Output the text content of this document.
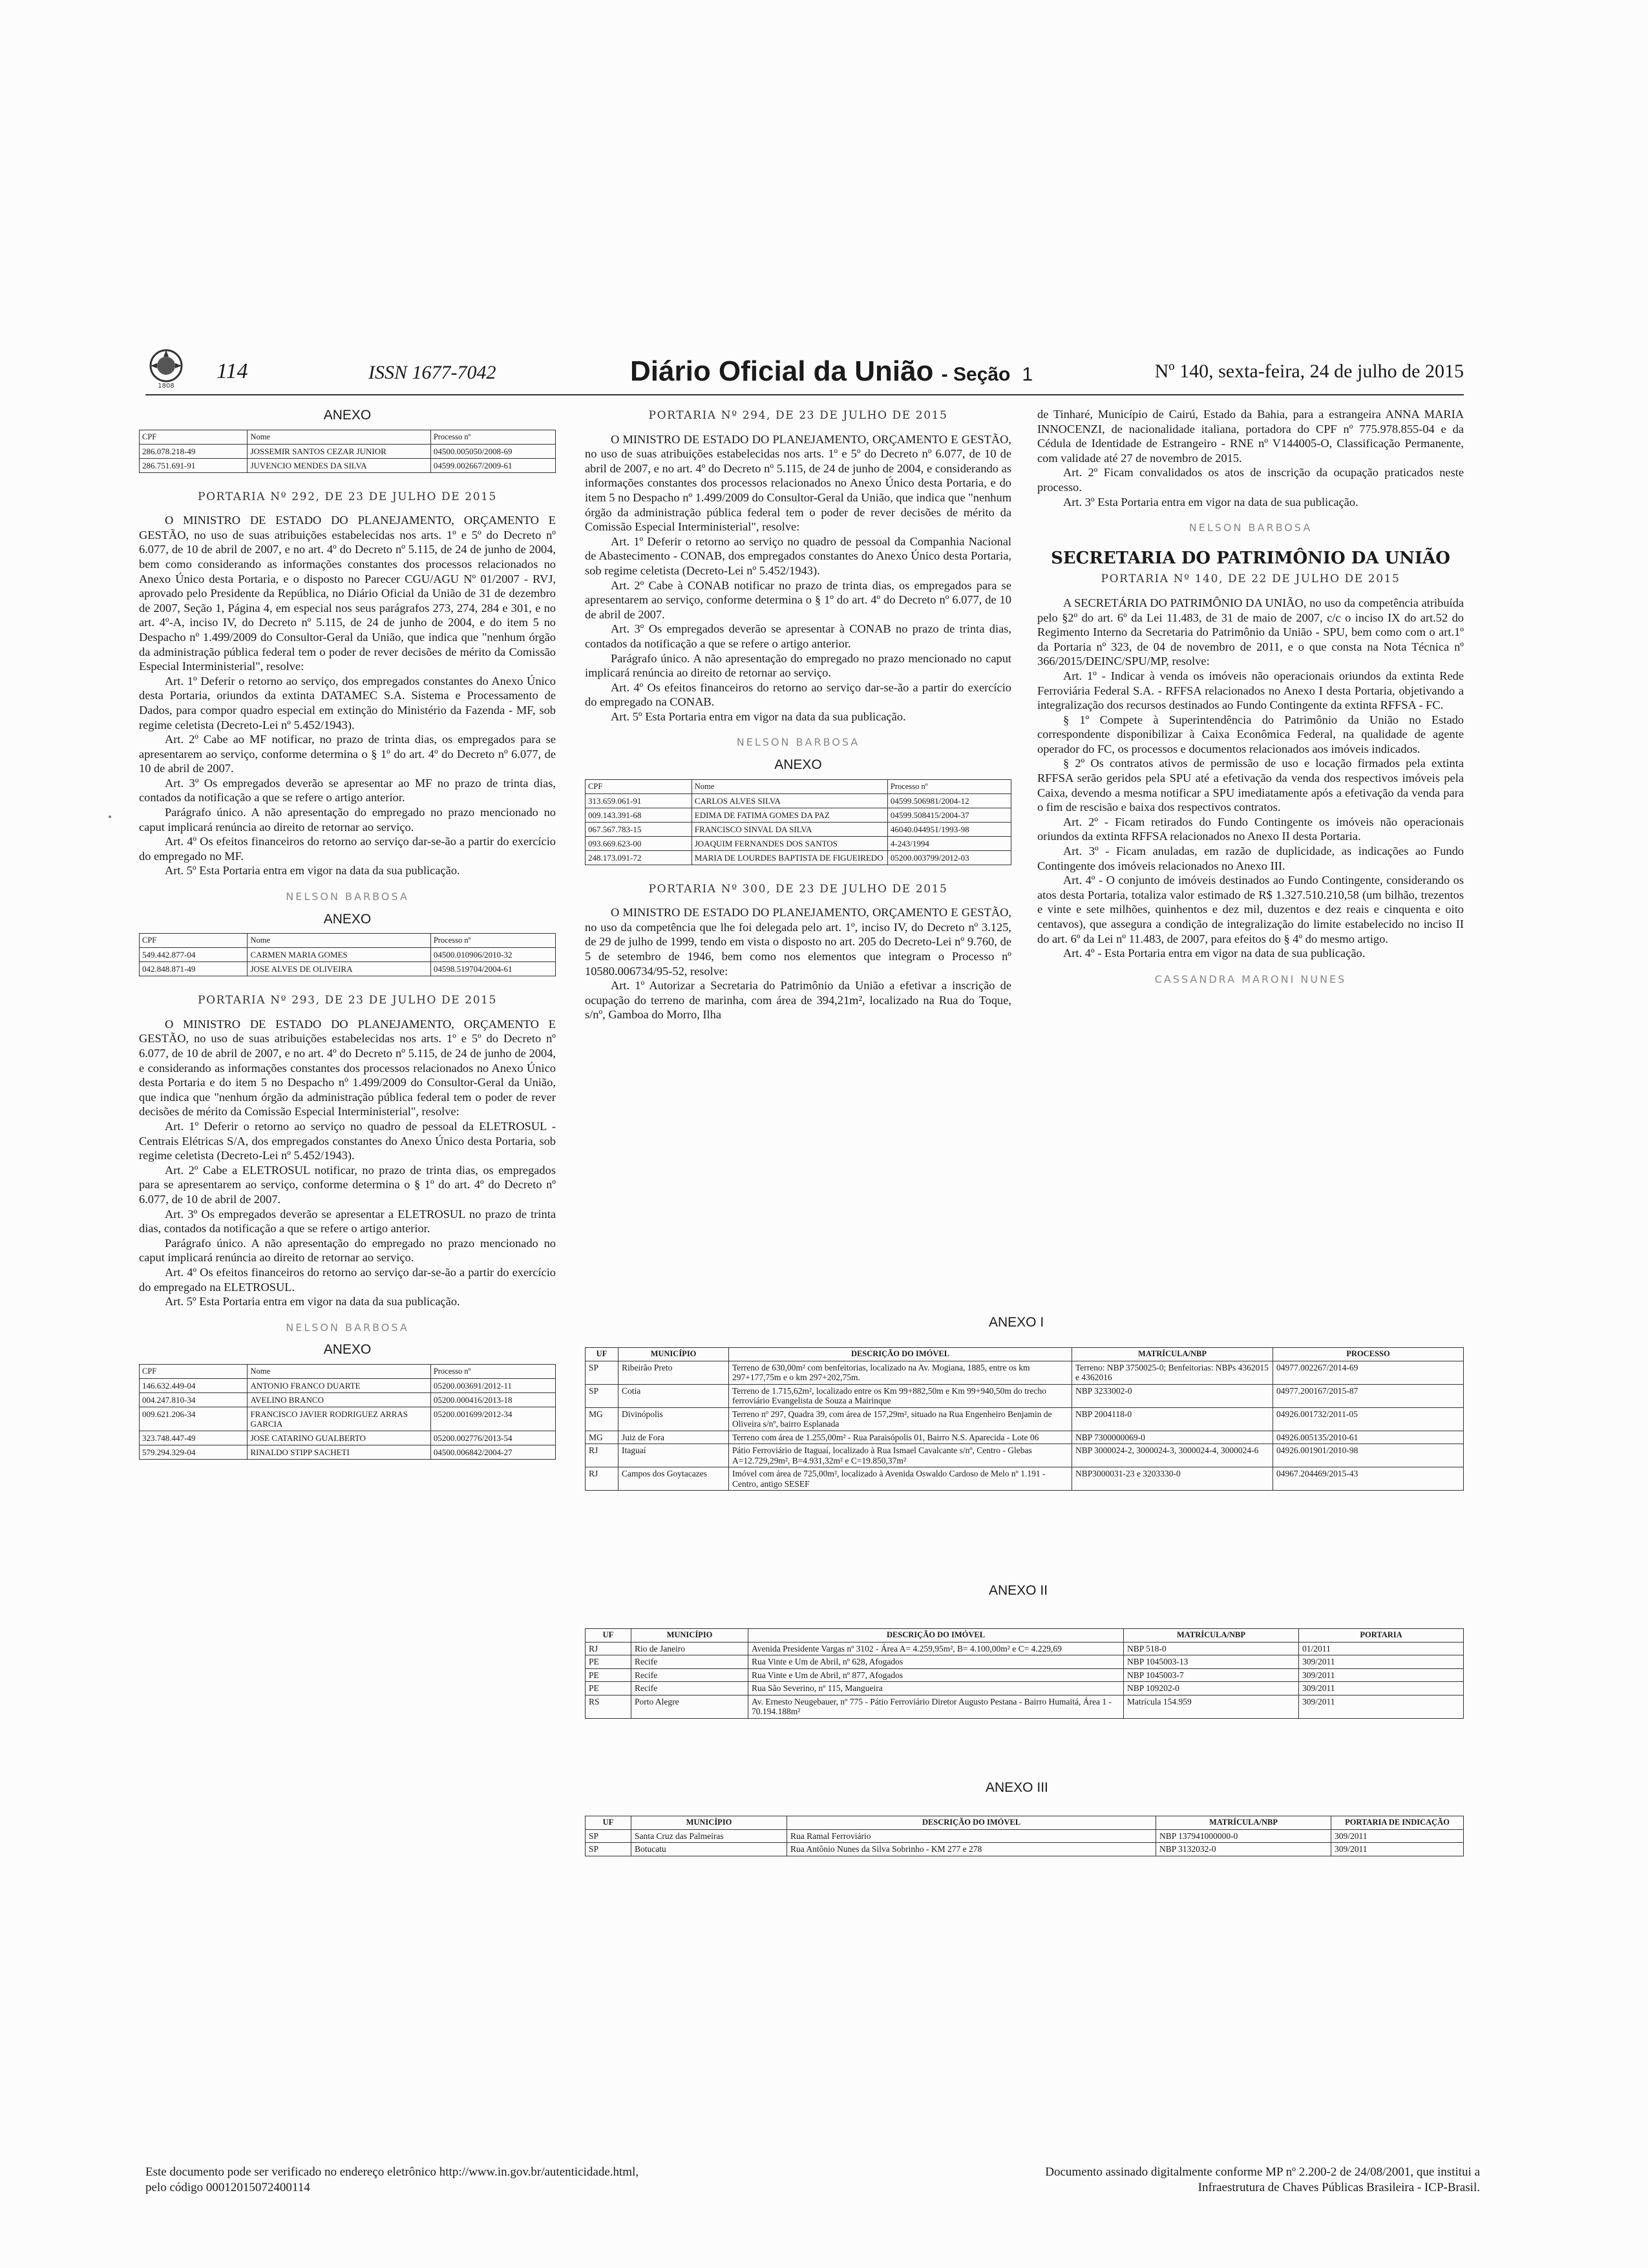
1808
114	ISSN 1677-7042	Diário Oficial da União - Seção 1	Nº 140, sexta-feira, 24 de julho de 2015
ANEXO
CPF	Nome	Processo nº
286.078.218-49	JOSSEMIR SANTOS CEZAR JUNIOR	04500.005050/2008-69
286.751.691-91	JUVENCIO MENDES DA SILVA	04599.002667/2009-61
PORTARIA Nº 292, DE 23 DE JULHO DE 2015

O MINISTRO DE ESTADO DO PLANEJAMENTO, ORÇAMENTO E GESTÃO, no uso de suas atribuições estabelecidas nos arts. 1º e 5º do Decreto nº 6.077, de 10 de abril de 2007, e no art. 4º do Decreto nº 5.115, de 24 de junho de 2004, bem como considerando as informações constantes dos processos relacionados no Anexo Único desta Portaria, e o disposto no Parecer CGU/AGU Nº 01/2007 - RVJ, aprovado pelo Presidente da República, no Diário Oficial da União de 31 de dezembro de 2007, Seção 1, Página 4, em especial nos seus parágrafos 273, 274, 284 e 301, e no art. 4º-A, inciso IV, do Decreto nº 5.115, de 24 de junho de 2004, e do item 5 no Despacho nº 1.499/2009 do Consultor-Geral da União, que indica que "nenhum órgão da administração pública federal tem o poder de rever decisões de mérito da Comissão Especial Interministerial", resolve:

Art. 1º Deferir o retorno ao serviço, dos empregados constantes do Anexo Único desta Portaria, oriundos da extinta DATAMEC S.A. Sistema e Processamento de Dados, para compor quadro especial em extinção do Ministério da Fazenda - MF, sob regime celetista (Decreto-Lei nº 5.452/1943).

Art. 2º Cabe ao MF notificar, no prazo de trinta dias, os empregados para se apresentarem ao serviço, conforme determina o § 1º do art. 4º do Decreto nº 6.077, de 10 de abril de 2007.

Art. 3º Os empregados deverão se apresentar ao MF no prazo de trinta dias, contados da notificação a que se refere o artigo anterior.

Parágrafo único. A não apresentação do empregado no prazo mencionado no caput implicará renúncia ao direito de retornar ao serviço.

Art. 4º Os efeitos financeiros do retorno ao serviço dar-se-ão a partir do exercício do empregado no MF.

Art. 5º Esta Portaria entra em vigor na data da sua publicação.

NELSON BARBOSA
ANEXO
CPF	Nome	Processo nº
549.442.877-04	CARMEN MARIA GOMES	04500.010906/2010-32
042.848.871-49	JOSE ALVES DE OLIVEIRA	04598.519704/2004-61
PORTARIA Nº 293, DE 23 DE JULHO DE 2015

O MINISTRO DE ESTADO DO PLANEJAMENTO, ORÇAMENTO E GESTÃO, no uso de suas atribuições estabelecidas nos arts. 1º e 5º do Decreto nº 6.077, de 10 de abril de 2007, e no art. 4º do Decreto nº 5.115, de 24 de junho de 2004, e considerando as informações constantes dos processos relacionados no Anexo Único desta Portaria e do item 5 no Despacho nº 1.499/2009 do Consultor-Geral da União, que indica que "nenhum órgão da administração pública federal tem o poder de rever decisões de mérito da Comissão Especial Interministerial", resolve:

Art. 1º Deferir o retorno ao serviço no quadro de pessoal da ELETROSUL - Centrais Elétricas S/A, dos empregados constantes do Anexo Único desta Portaria, sob regime celetista (Decreto-Lei nº 5.452/1943).

Art. 2º Cabe a ELETROSUL notificar, no prazo de trinta dias, os empregados para se apresentarem ao serviço, conforme determina o § 1º do art. 4º do Decreto nº 6.077, de 10 de abril de 2007.

Art. 3º Os empregados deverão se apresentar a ELETROSUL no prazo de trinta dias, contados da notificação a que se refere o artigo anterior.

Parágrafo único. A não apresentação do empregado no prazo mencionado no caput implicará renúncia ao direito de retornar ao serviço.

Art. 4º Os efeitos financeiros do retorno ao serviço dar-se-ão a partir do exercício do empregado na ELETROSUL.

Art. 5º Esta Portaria entra em vigor na data da sua publicação.

NELSON BARBOSA
ANEXO
CPF	Nome	Processo nº
146.632.449-04	ANTONIO FRANCO DUARTE	05200.003691/2012-11
004.247.810-34	AVELINO BRANCO	05200.000416/2013-18
009.621.206-34	FRANCISCO JAVIER RODRIGUEZ ARRAS GARCIA	05200.001699/2012-34
323.748.447-49	JOSE CATARINO GUALBERTO	05200.002776/2013-54
579.294.329-04	RINALDO STIPP SACHETI	04500.006842/2004-27
PORTARIA Nº 294, DE 23 DE JULHO DE 2015

O MINISTRO DE ESTADO DO PLANEJAMENTO, ORÇAMENTO E GESTÃO, no uso de suas atribuições estabelecidas nos arts. 1º e 5º do Decreto nº 6.077, de 10 de abril de 2007, e no art. 4º do Decreto nº 5.115, de 24 de junho de 2004, e considerando as informações constantes dos processos relacionados no Anexo Único desta Portaria, e do item 5 no Despacho nº 1.499/2009 do Consultor-Geral da União, que indica que "nenhum órgão da administração pública federal tem o poder de rever decisões de mérito da Comissão Especial Interministerial", resolve:

Art. 1º Deferir o retorno ao serviço no quadro de pessoal da Companhia Nacional de Abastecimento - CONAB, dos empregados constantes do Anexo Único desta Portaria, sob regime celetista (Decreto-Lei nº 5.452/1943).

Art. 2º Cabe à CONAB notificar no prazo de trinta dias, os empregados para se apresentarem ao serviço, conforme determina o § 1º do art. 4º do Decreto nº 6.077, de 10 de abril de 2007.

Art. 3º Os empregados deverão se apresentar à CONAB no prazo de trinta dias, contados da notificação a que se refere o artigo anterior.

Parágrafo único. A não apresentação do empregado no prazo mencionado no caput implicará renúncia ao direito de retornar ao serviço.

Art. 4º Os efeitos financeiros do retorno ao serviço dar-se-ão a partir do exercício do empregado na CONAB.

Art. 5º Esta Portaria entra em vigor na data da sua publicação.

NELSON BARBOSA
ANEXO
CPF	Nome	Processo nº
313.659.061-91	CARLOS ALVES SILVA	04599.506981/2004-12
009.143.391-68	EDIMA DE FATIMA GOMES DA PAZ	04599.508415/2004-37
067.567.783-15	FRANCISCO SINVAL DA SILVA	46040.044951/1993-98
093.669.623-00	JOAQUIM FERNANDES DOS SANTOS	4-243/1994
248.173.091-72	MARIA DE LOURDES BAPTISTA DE FIGUEIREDO	05200.003799/2012-03
PORTARIA Nº 300, DE 23 DE JULHO DE 2015

O MINISTRO DE ESTADO DO PLANEJAMENTO, ORÇAMENTO E GESTÃO, no uso da competência que lhe foi delegada pelo art. 1º, inciso IV, do Decreto nº 3.125, de 29 de julho de 1999, tendo em vista o disposto no art. 205 do Decreto-Lei nº 9.760, de 5 de setembro de 1946, bem como nos elementos que integram o Processo nº 10580.006734/95-52, resolve:

Art. 1º Autorizar a Secretaria do Patrimônio da União a efetivar a inscrição de ocupação do terreno de marinha, com área de 394,21m², localizado na Rua do Toque, s/nº, Gamboa do Morro, Ilha

de Tinharé, Município de Cairú, Estado da Bahia, para a estrangeira ANNA MARIA INNOCENZI, de nacionalidade italiana, portadora do CPF nº 775.978.855-04 e da Cédula de Identidade de Estrangeiro - RNE nº V144005-O, Classificação Permanente, com validade até 27 de novembro de 2015.

Art. 2º Ficam convalidados os atos de inscrição da ocupação praticados neste processo.

Art. 3º Esta Portaria entra em vigor na data de sua publicação.

NELSON BARBOSA
SECRETARIA DO PATRIMÔNIO DA UNIÃO
PORTARIA Nº 140, DE 22 DE JULHO DE 2015

A SECRETÁRIA DO PATRIMÔNIO DA UNIÃO, no uso da competência atribuída pelo §2º do art. 6º da Lei 11.483, de 31 de maio de 2007, c/c o inciso IX do art.52 do Regimento Interno da Secretaria do Patrimônio da União - SPU, bem como com o art.1º da Portaria nº 323, de 04 de novembro de 2011, e o que consta na Nota Técnica nº 366/2015/DEINC/SPU/MP, resolve:

Art. 1º - Indicar à venda os imóveis não operacionais oriundos da extinta Rede Ferroviária Federal S.A. - RFFSA relacionados no Anexo I desta Portaria, objetivando a integralização dos recursos destinados ao Fundo Contingente da extinta RFFSA - FC.

§ 1º Compete à Superintendência do Patrimônio da União no Estado correspondente disponibilizar à Caixa Econômica Federal, na qualidade de agente operador do FC, os processos e documentos relacionados aos imóveis indicados.

§ 2º Os contratos ativos de permissão de uso e locação firmados pela extinta RFFSA serão geridos pela SPU até a efetivação da venda dos respectivos imóveis pela Caixa, devendo a mesma notificar a SPU imediatamente após a efetivação da venda para o fim de rescisão e baixa dos respectivos contratos.

Art. 2º - Ficam retirados do Fundo Contingente os imóveis não operacionais oriundos da extinta RFFSA relacionados no Anexo II desta Portaria.

Art. 3º - Ficam anuladas, em razão de duplicidade, as indicações ao Fundo Contingente dos imóveis relacionados no Anexo III.

Art. 4º - O conjunto de imóveis destinados ao Fundo Contingente, considerando os atos desta Portaria, totaliza valor estimado de R$ 1.327.510.210,58 (um bilhão, trezentos e vinte e sete milhões, quinhentos e dez mil, duzentos e dez reais e cinquenta e oito centavos), que assegura a condição de integralização do limite estabelecido no inciso II do art. 6º da Lei nº 11.483, de 2007, para efeitos do § 4º do mesmo artigo.

Art. 4º - Esta Portaria entra em vigor na data de sua publicação.

CASSANDRA MARONI NUNES
ANEXO I
UF	MUNICÍPIO	DESCRIÇÃO DO IMÓVEL	MATRÍCULA/NBP	PROCESSO
SP	Ribeirão Preto	Terreno de 630,00m² com benfeitorias, localizado na Av. Mogiana, 1885, entre os km 297+177,75m e o km 297+202,75m.	Terreno: NBP 3750025-0; Benfeitorias: NBPs 4362015 e 4362016	04977.002267/2014-69
SP	Cotia	Terreno de 1.715,62m², localizado entre os Km 99+882,50m e Km 99+940,50m do trecho ferroviário Evangelista de Souza a Mairinque	NBP 3233002-0	04977.200167/2015-87
MG	Divinópolis	Terreno nº 297, Quadra 39, com área de 157,29m², situado na Rua Engenheiro Benjamin de Oliveira s/nº, bairro Esplanada	NBP 2004118-0	04926.001732/2011-05
MG	Juiz de Fora	Terreno com área de 1.255,00m² - Rua Paraisópolis 01, Bairro N.S. Aparecida - Lote 06	NBP 7300000069-0	04926.005135/2010-61
RJ	Itaguaí	Pátio Ferroviário de Itaguaí, localizado à Rua Ismael Cavalcante s/nº, Centro - Glebas A=12.729,29m², B=4.931,32m² e C=19.850,37m²	NBP 3000024-2, 3000024-3, 3000024-4, 3000024-6	04926.001901/2010-98
RJ	Campos dos Goytacazes	Imóvel com área de 725,00m², localizado à Avenida Oswaldo Cardoso de Melo nº 1.191 - Centro, antigo SESEF	NBP3000031-23 e 3203330-0	04967.204469/2015-43
ANEXO II
UF	MUNICÍPIO	DESCRIÇÃO DO IMÓVEL	MATRÍCULA/NBP	PORTARIA
RJ	Rio de Janeiro	Avenida Presidente Vargas nº 3102 - Área A= 4.259,95m², B= 4.100,00m² e C= 4.229,69	NBP 518-0	01/2011
PE	Recife	Rua Vinte e Um de Abril, nº 628, Afogados	NBP 1045003-13	309/2011
PE	Recife	Rua Vinte e Um de Abril, nº 877, Afogados	NBP 1045003-7	309/2011
PE	Recife	Rua São Severino, nº 115, Mangueira	NBP 109202-0	309/2011
RS	Porto Alegre	Av. Ernesto Neugebauer, nº 775 - Pátio Ferroviário Diretor Augusto Pestana - Bairro Humaitá, Área 1 - 70.194.188m²	Matrícula 154.959	309/2011
ANEXO III
UF	MUNICÍPIO	DESCRIÇÃO DO IMÓVEL	MATRÍCULA/NBP	PORTARIA DE INDICAÇÃO
SP	Santa Cruz das Palmeiras	Rua Ramal Ferroviário	NBP 137941000000-0	309/2011
SP	Botucatu	Rua Antônio Nunes da Silva Sobrinho - KM 277 e 278	NBP 3132032-0	309/2011
Este documento pode ser verificado no endereço eletrônico http://www.in.gov.br/autenticidade.html,
pelo código 00012015072400114
Documento assinado digitalmente conforme MP nº 2.200-2 de 24/08/2001, que institui a
Infraestrutura de Chaves Públicas Brasileira - ICP-Brasil.
